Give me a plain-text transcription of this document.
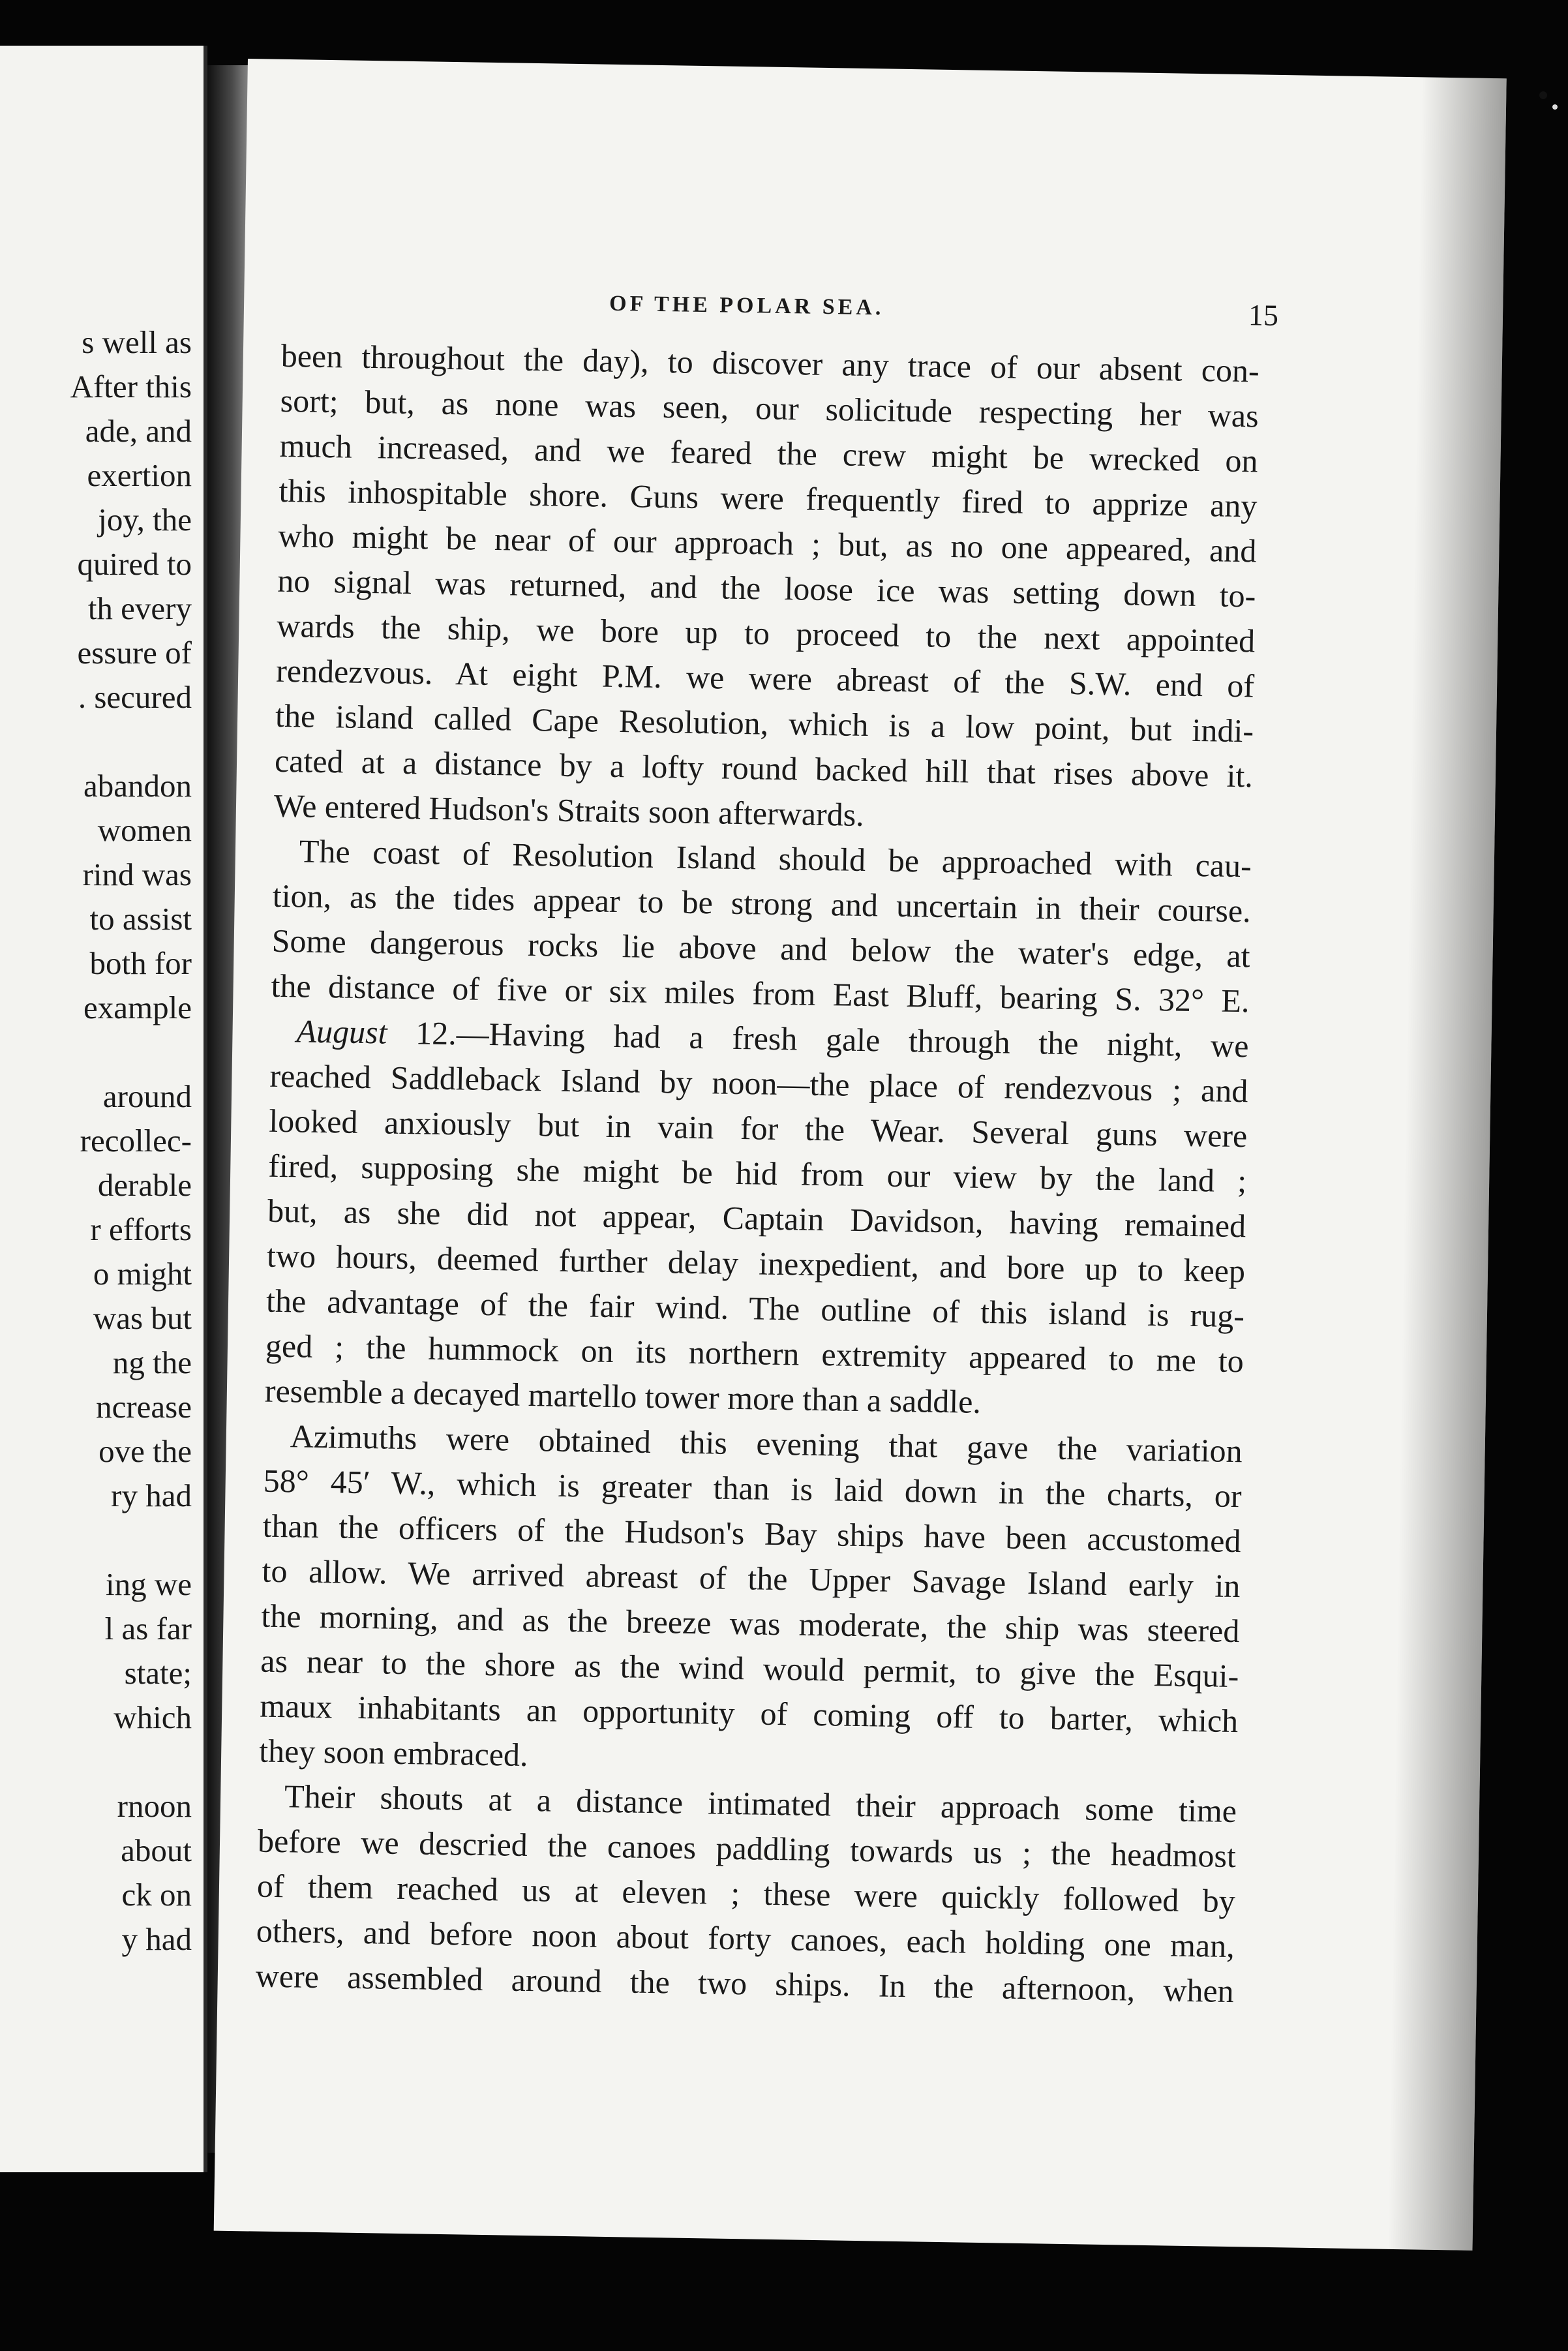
s well as
After this
ade, and
exertion
joy, the
quired to
th every
essure of
. secured
abandon
women
rind was
to assist
both for
example
around
recollec-
derable
r efforts
o might
was but
ng the
ncrease
ove the
ry had
ing we
l as far
state;
which
rnoon
about
ck on
y had
OF THE POLAR SEA.	15
been throughout the day), to discover any trace of our absent con-
sort; but, as none was seen, our solicitude respecting her was
much increased, and we feared the crew might be wrecked on
this inhospitable shore. Guns were frequently fired to apprize any
who might be near of our approach ; but, as no one appeared, and
no signal was returned, and the loose ice was setting down to-
wards the ship, we bore up to proceed to the next appointed
rendezvous. At eight P.M. we were abreast of the S.W. end of
the island called Cape Resolution, which is a low point, but indi-
cated at a distance by a lofty round backed hill that rises above it.
We entered Hudson's Straits soon afterwards.
The coast of Resolution Island should be approached with cau-
tion, as the tides appear to be strong and uncertain in their course.
Some dangerous rocks lie above and below the water's edge, at
the distance of five or six miles from East Bluff, bearing S. 32° E.
August 12.—Having had a fresh gale through the night, we
reached Saddleback Island by noon—the place of rendezvous ; and
looked anxiously but in vain for the Wear. Several guns were
fired, supposing she might be hid from our view by the land ;
but, as she did not appear, Captain Davidson, having remained
two hours, deemed further delay inexpedient, and bore up to keep
the advantage of the fair wind. The outline of this island is rug-
ged ; the hummock on its northern extremity appeared to me to
resemble a decayed martello tower more than a saddle.
Azimuths were obtained this evening that gave the variation
58° 45′ W., which is greater than is laid down in the charts, or
than the officers of the Hudson's Bay ships have been accustomed
to allow. We arrived abreast of the Upper Savage Island early in
the morning, and as the breeze was moderate, the ship was steered
as near to the shore as the wind would permit, to give the Esqui-
maux inhabitants an opportunity of coming off to barter, which
they soon embraced.
Their shouts at a distance intimated their approach some time
before we descried the canoes paddling towards us ; the headmost
of them reached us at eleven ; these were quickly followed by
others, and before noon about forty canoes, each holding one man,
were assembled around the two ships. In the afternoon, when
